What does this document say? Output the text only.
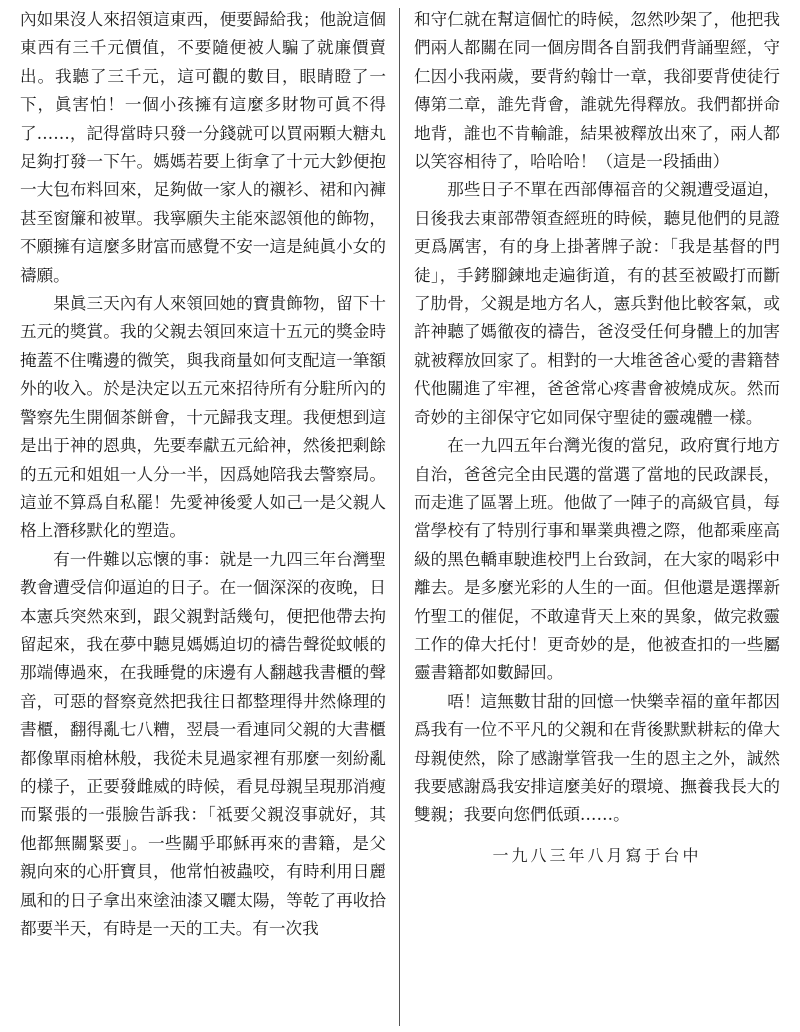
內如果沒人來招領這東西，便要歸給我；他說這個東西有三千元價值，不要隨便被人騙了就廉價賣出。我聽了三千元，這可觀的數目，眼睛瞪了一下，眞害怕！一個小孩擁有這麼多財物可眞不得了……，記得當時只發一分錢就可以買兩顆大糖丸足夠打發一下午。媽媽若要上街拿了十元大鈔便抱一大包布料回來，足夠做一家人的襯衫、裙和內褲甚至窗簾和被單。我寧願失主能來認領他的飾物，不願擁有這麼多財富而感覺不安一這是純眞小女的禱願。

果眞三天內有人來領回她的寶貴飾物，留下十五元的獎賞。我的父親去領回來這十五元的獎金時掩蓋不住嘴邊的微笑，與我商量如何支配這一筆額外的收入。於是決定以五元來招待所有分駐所內的警察先生開個茶餅會，十元歸我支理。我便想到這是出于神的恩典，先要奉獻五元給神，然後把剩餘的五元和姐姐一人分一半，因爲她陪我去警察局。這並不算爲自私罷！先愛神後愛人如己一是父親人格上潛移默化的塑造。

有一件難以忘懷的事：就是一九四三年台灣聖教會遭受信仰逼迫的日子。在一個深深的夜晚，日本憲兵突然來到，跟父親對話幾句，便把他帶去拘留起來，我在夢中聽見媽媽迫切的禱告聲從蚊帳的那端傳過來，在我睡覺的床邊有人翻越我書櫃的聲音，可惡的督察竟然把我往日都整理得井然條理的書櫃，翻得亂七八糟，翌晨一看連同父親的大書櫃都像單雨槍林般，我從未見過家裡有那麼一刻紛亂的樣子，正要發雌威的時候，看見母親呈現那消瘦而緊張的一張臉告訴我：「祗要父親沒事就好，其他都無關緊要」。一些關乎耶穌再來的書籍，是父親向來的心肝寶貝，他常怕被蟲咬，有時利用日麗風和的日子拿出來塗油漆又曬太陽，等乾了再收拾都要半天，有時是一天的工夫。有一次我

和守仁就在幫這個忙的時候，忽然吵架了，他把我們兩人都關在同一個房間各自罰我們背誦聖經，守仁因小我兩歲，要背約翰廿一章，我卻要背使徒行傳第二章，誰先背會，誰就先得釋放。我們都拼命地背，誰也不肯輸誰，結果被釋放出來了，兩人都以笑容相待了，哈哈哈！（這是一段插曲）

那些日子不單在西部傳福音的父親遭受逼迫，日後我去東部帶領查經班的時候，聽見他們的見證更爲厲害，有的身上掛著牌子說：「我是基督的門徒」，手銬腳鍊地走遍街道，有的甚至被毆打而斷了肋骨，父親是地方名人，憲兵對他比較客氣，或許神聽了媽徹夜的禱告，爸沒受任何身體上的加害就被釋放回家了。相對的一大堆爸爸心愛的書籍替代他關進了牢裡，爸爸常心疼書會被燒成灰。然而奇妙的主卻保守它如同保守聖徒的靈魂體一樣。

在一九四五年台灣光復的當兒，政府實行地方自治，爸爸完全由民選的當選了當地的民政課長，而走進了區署上班。他做了一陣子的高級官員，每當學校有了特別行事和畢業典禮之際，他都乘座高級的黑色轎車駛進校門上台致詞，在大家的喝彩中離去。是多麼光彩的人生的一面。但他還是選擇新竹聖工的催促，不敢違背天上來的異象，做完救靈工作的偉大托付！更奇妙的是，他被查扣的一些屬靈書籍都如數歸回。

唔！這無數甘甜的回憶一快樂幸福的童年都因爲我有一位不平凡的父親和在背後默默耕耘的偉大母親使然，除了感謝掌管我一生的恩主之外，誠然我要感謝爲我安排這麼美好的環境、撫養我長大的雙親；我要向您們低頭……。

一九八三年八月寫于台中
